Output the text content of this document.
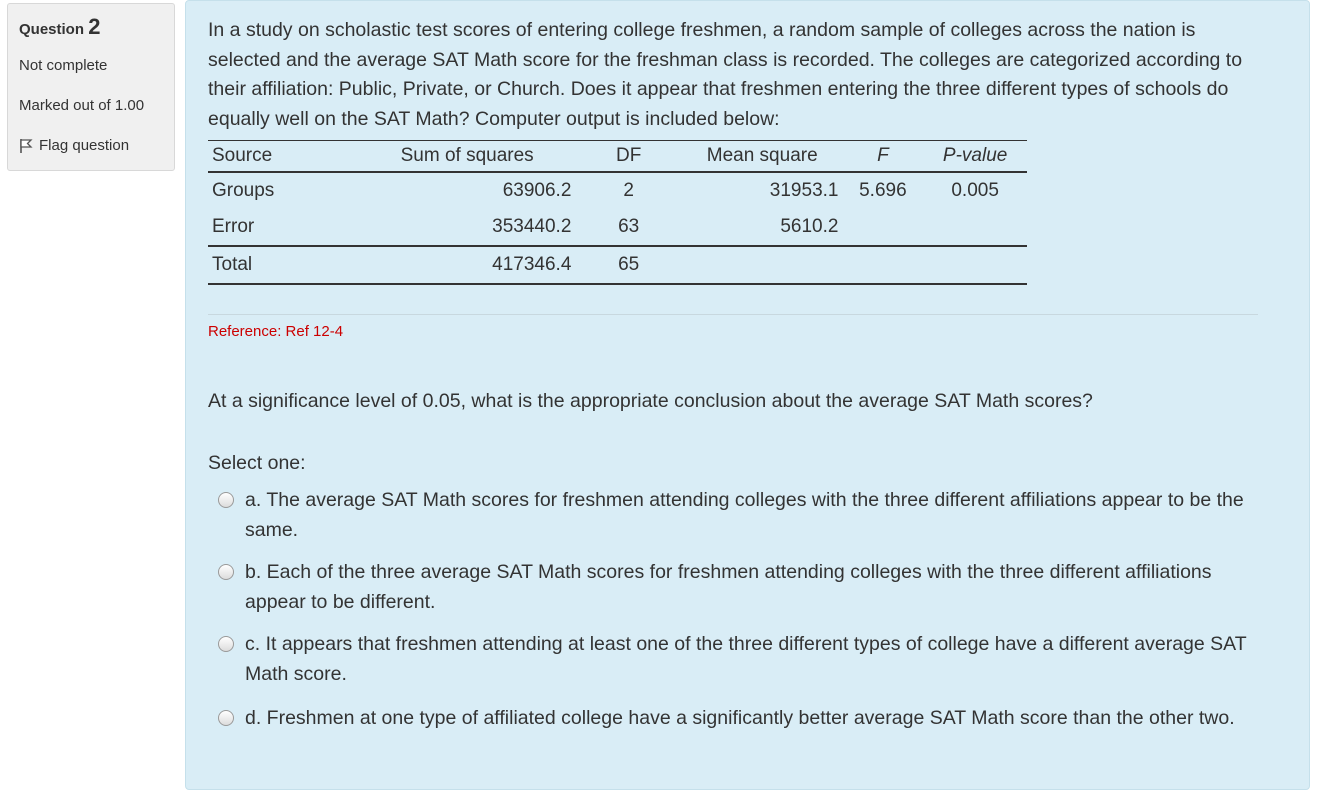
Question 2
Not complete
Marked out of 1.00
Flag question
In a study on scholastic test scores of entering college freshmen, a random sample of colleges across the nation is selected and the average SAT Math score for the freshman class is recorded. The colleges are categorized according to their affiliation: Public, Private, or Church. Does it appear that freshmen entering the three different types of schools do equally well on the SAT Math? Computer output is included below:
Source	Sum of squares	DF	Mean square	F	P-value
Groups	63906.2	2	31953.1	5.696	0.005
Error	353440.2	63	5610.2		
Total	417346.4	65			
Reference: Ref 12-4
At a significance level of 0.05, what is the appropriate conclusion about the average SAT Math scores?
Select one:
a. The average SAT Math scores for freshmen attending colleges with the three different affiliations appear to be the same.
b. Each of the three average SAT Math scores for freshmen attending colleges with the three different affiliations appear to be different.
c. It appears that freshmen attending at least one of the three different types of college have a different average SAT Math score.
d. Freshmen at one type of affiliated college have a significantly better average SAT Math score than the other two.
